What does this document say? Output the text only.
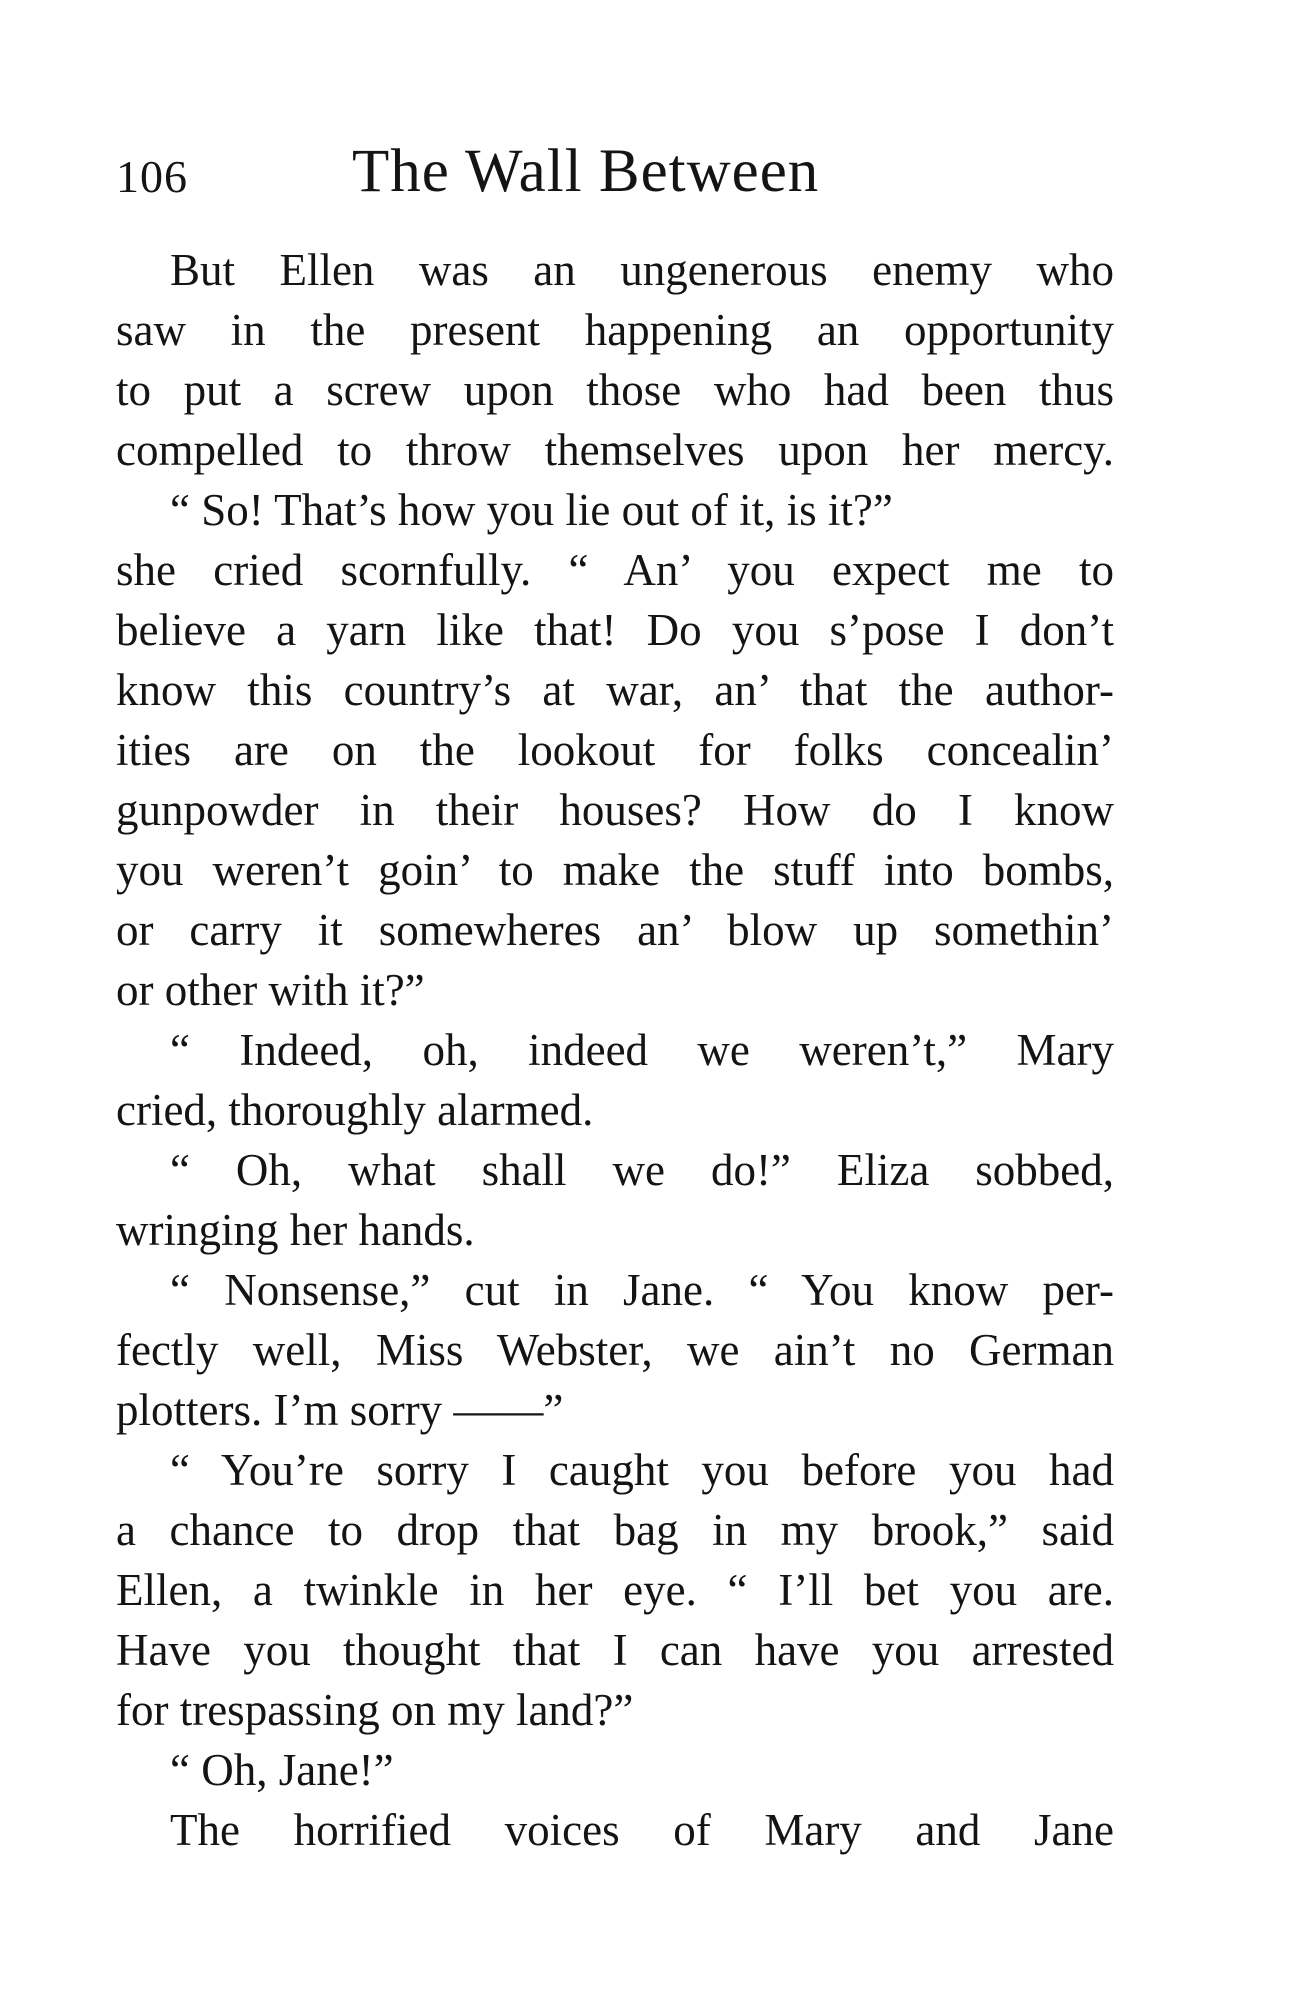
106	The Wall Between
But Ellen was an ungenerous enemy who
saw in the present happening an opportunity
to put a screw upon those who had been thus
compelled to throw themselves upon her mercy.
“ So! That’s how you lie out of it, is it?”
she cried scornfully. “ An’ you expect me to
believe a yarn like that! Do you s’pose I don’t
know this country’s at war, an’ that the author-
ities are on the lookout for folks concealin’
gunpowder in their houses? How do I know
you weren’t goin’ to make the stuff into bombs,
or carry it somewheres an’ blow up somethin’
or other with it?”
“ Indeed, oh, indeed we weren’t,” Mary
cried, thoroughly alarmed.
“ Oh, what shall we do!” Eliza sobbed,
wringing her hands.
“ Nonsense,” cut in Jane. “ You know per-
fectly well, Miss Webster, we ain’t no German
plotters. I’m sorry ——”
“ You’re sorry I caught you before you had
a chance to drop that bag in my brook,” said
Ellen, a twinkle in her eye. “ I’ll bet you are.
Have you thought that I can have you arrested
for trespassing on my land?”
“ Oh, Jane!”
The horrified voices of Mary and Jane
